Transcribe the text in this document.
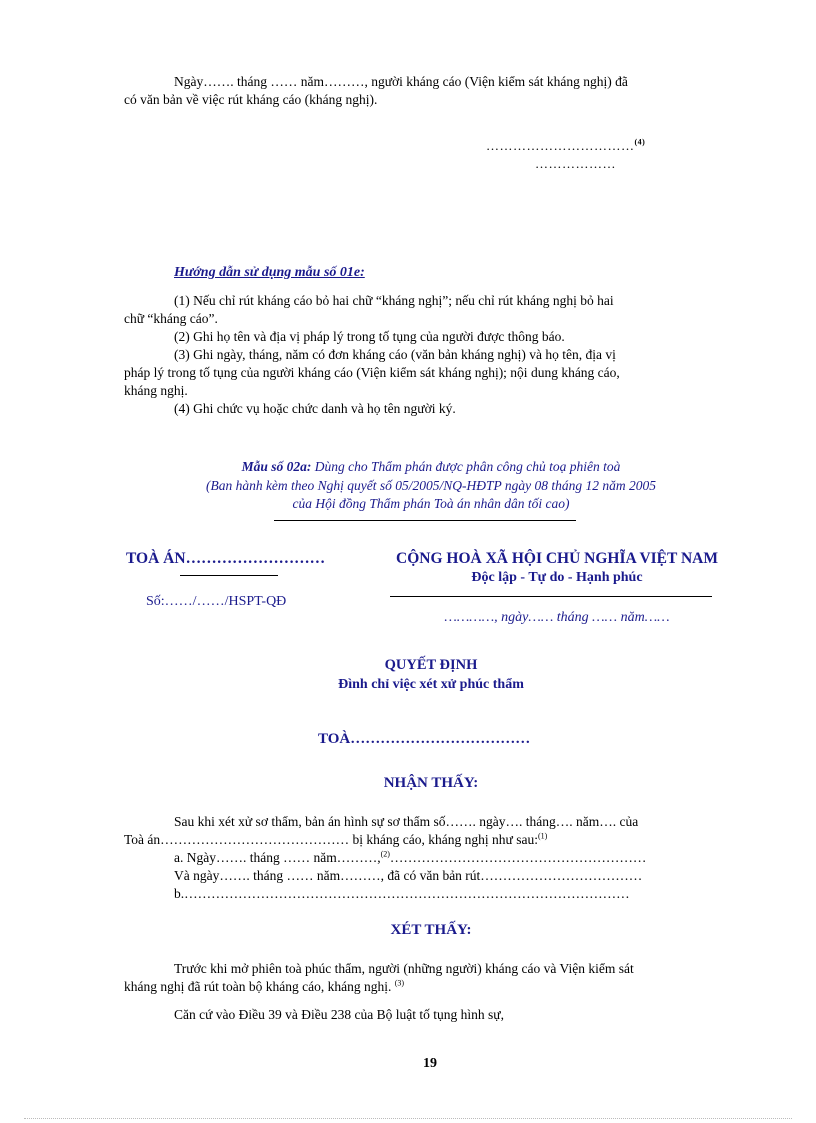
Ngày……. tháng …… năm………, người kháng cáo (Viện kiểm sát kháng nghị) đã
có văn bản về việc rút kháng cáo (kháng nghị).
……………………………$^{(4)}$
………………
Hướng dẫn sử dụng mẫu số 01e:
(1) Nếu chỉ rút kháng cáo bỏ hai chữ “kháng nghị”; nếu chỉ rút kháng nghị bỏ hai
chữ “kháng cáo”.
(2) Ghi họ tên và địa vị pháp lý trong tố tụng của người được thông báo.
(3) Ghi ngày, tháng, năm có đơn kháng cáo (văn bản kháng nghị) và họ tên, địa vị
pháp lý trong tố tụng của người kháng cáo (Viện kiểm sát kháng nghị); nội dung kháng cáo,
kháng nghị.
(4) Ghi chức vụ hoặc chức danh và họ tên người ký.
Mẫu số 02a: Dùng cho Thẩm phán được phân công chủ toạ phiên toà
(Ban hành kèm theo Nghị quyết số 05/2005/NQ-HĐTP ngày 08 tháng 12 năm 2005
của Hội đồng Thẩm phán Toà án nhân dân tối cao)
TOÀ ÁN………………………
Số:……/……/HSPT-QĐ
CỘNG HOÀ XÃ HỘI CHỦ NGHĨA VIỆT NAM
Độc lập - Tự do - Hạnh phúc
…………, ngày…… tháng …… năm……
QUYẾT ĐỊNH
Đình chỉ việc xét xử phúc thẩm
TOÀ………………………………
NHẬN THẤY:
Sau khi xét xử sơ thẩm, bản án hình sự sơ thẩm số……. ngày…. tháng…. năm…. của
Toà án…………………………………… bị kháng cáo, kháng nghị như sau:$^{(1)}$
a. Ngày……. tháng …… năm………,$^{(2)}$…………………………………………………
Và ngày……. tháng …… năm………, đã có văn bản rút………………………………
b.………………………………………………………………………………………
XÉT THẤY:
Trước khi mở phiên toà phúc thẩm, người (những người) kháng cáo và Viện kiểm sát
kháng nghị đã rút toàn bộ kháng cáo, kháng nghị. $^{(3)}$
Căn cứ vào Điều 39 và Điều 238 của Bộ luật tố tụng hình sự,
19
